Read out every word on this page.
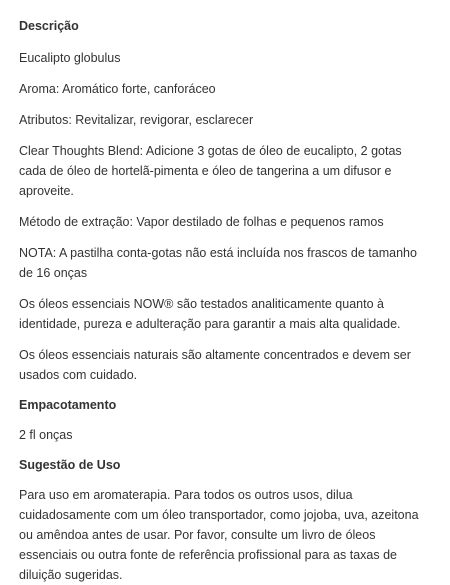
Descrição

Eucalipto globulus

Aroma: Aromático forte, canforáceo

Atributos: Revitalizar, revigorar, esclarecer

Clear Thoughts Blend: Adicione 3 gotas de óleo de eucalipto, 2 gotas cada de óleo de hortelã-pimenta e óleo de tangerina a um difusor e aproveite.

Método de extração: Vapor destilado de folhas e pequenos ramos

NOTA: A pastilha conta-gotas não está incluída nos frascos de tamanho de 16 onças

Os óleos essenciais NOW® são testados analiticamente quanto à identidade, pureza e adulteração para garantir a mais alta qualidade.

Os óleos essenciais naturais são altamente concentrados e devem ser usados com cuidado.

Empacotamento

2 fl onças

Sugestão de Uso

Para uso em aromaterapia. Para todos os outros usos, dilua cuidadosamente com um óleo transportador, como jojoba, uva, azeitona ou amêndoa antes de usar. Por favor, consulte um livro de óleos essenciais ou outra fonte de referência profissional para as taxas de diluição sugeridas.
